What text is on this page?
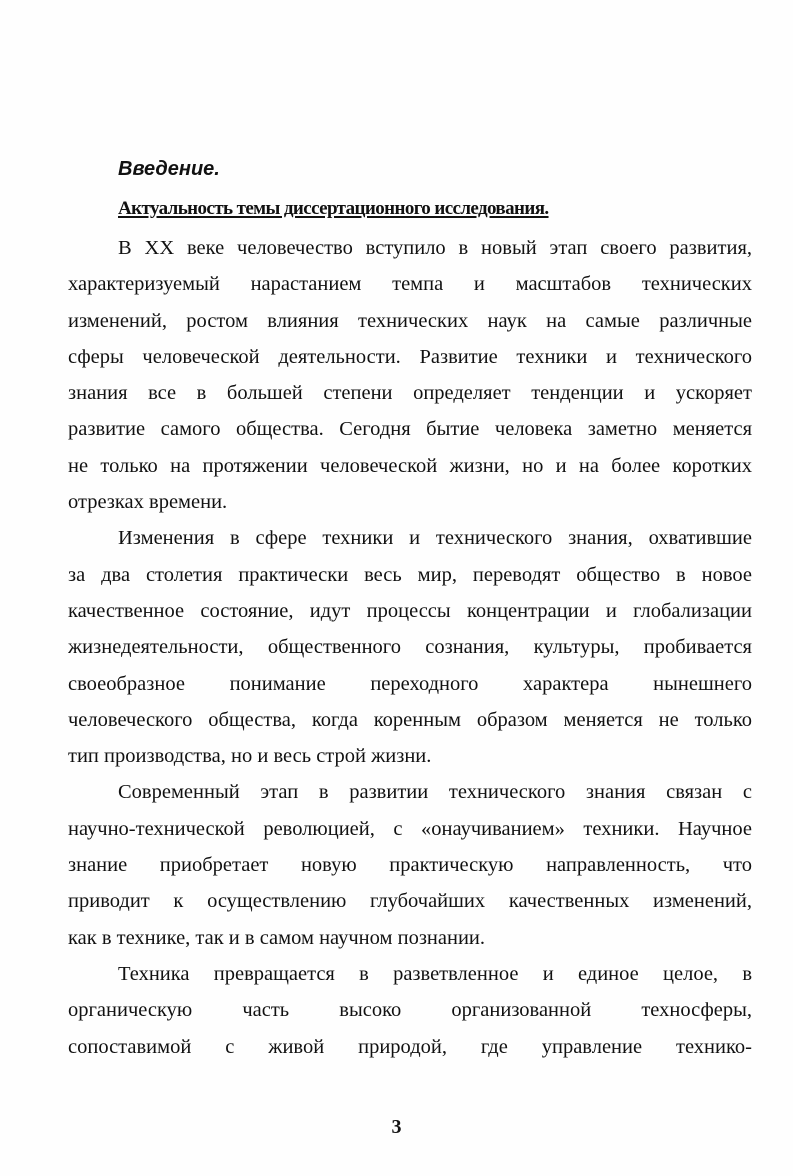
Введение.
Актуальность темы диссертационного исследования.
В XX веке человечество вступило в новый этап своего развития,
характеризуемый нарастанием темпа и масштабов технических
изменений, ростом влияния технических наук на самые различные
сферы человеческой деятельности. Развитие техники и технического
знания все в большей степени определяет тенденции и ускоряет
развитие самого общества. Сегодня бытие человека заметно меняется
не только на протяжении человеческой жизни, но и на более коротких
отрезках времени.
Изменения в сфере техники и технического знания, охватившие
за два столетия практически весь мир, переводят общество в новое
качественное состояние, идут процессы концентрации и глобализации
жизнедеятельности, общественного сознания, культуры, пробивается
своеобразное понимание переходного характера нынешнего
человеческого общества, когда коренным образом меняется не только
тип производства, но и весь строй жизни.
Современный этап в развитии технического знания связан с
научно-технической революцией, с «онаучиванием» техники. Научное
знание приобретает новую практическую направленность, что
приводит к осуществлению глубочайших качественных изменений,
как в технике, так и в самом научном познании.
Техника превращается в разветвленное и единое целое, в
органическую часть высоко организованной техносферы,
сопоставимой с живой природой, где управление технико-
3
